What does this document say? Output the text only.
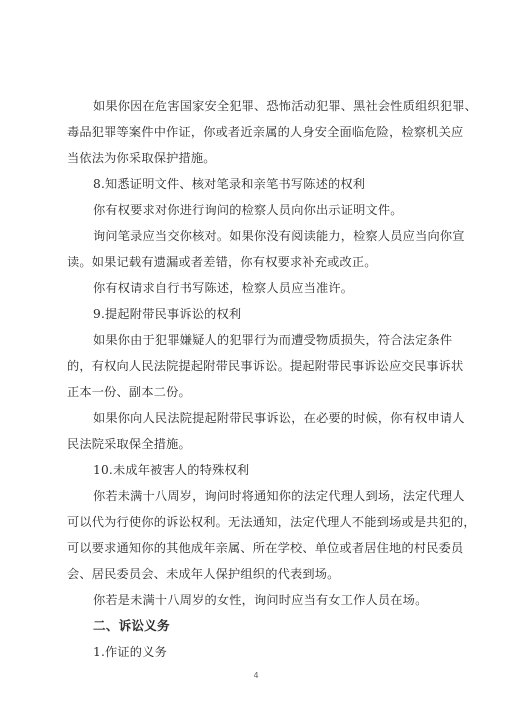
如果你因在危害国家安全犯罪、恐怖活动犯罪、黑社会性质组织犯罪、
毒品犯罪等案件中作证，你或者近亲属的人身安全面临危险，检察机关应
当依法为你采取保护措施。
8.知悉证明文件、核对笔录和亲笔书写陈述的权利
你有权要求对你进行询问的检察人员向你出示证明文件。
询问笔录应当交你核对。如果你没有阅读能力，检察人员应当向你宣
读。如果记载有遗漏或者差错，你有权要求补充或改正。
你有权请求自行书写陈述，检察人员应当准许。
9.提起附带民事诉讼的权利
如果你由于犯罪嫌疑人的犯罪行为而遭受物质损失，符合法定条件
的，有权向人民法院提起附带民事诉讼。提起附带民事诉讼应交民事诉状
正本一份、副本二份。
如果你向人民法院提起附带民事诉讼，在必要的时候，你有权申请人
民法院采取保全措施。
10.未成年被害人的特殊权利
你若未满十八周岁，询问时将通知你的法定代理人到场，法定代理人
可以代为行使你的诉讼权利。无法通知，法定代理人不能到场或是共犯的，
可以要求通知你的其他成年亲属、所在学校、单位或者居住地的村民委员
会、居民委员会、未成年人保护组织的代表到场。
你若是未满十八周岁的女性，询问时应当有女工作人员在场。
二、诉讼义务
1.作证的义务
4
